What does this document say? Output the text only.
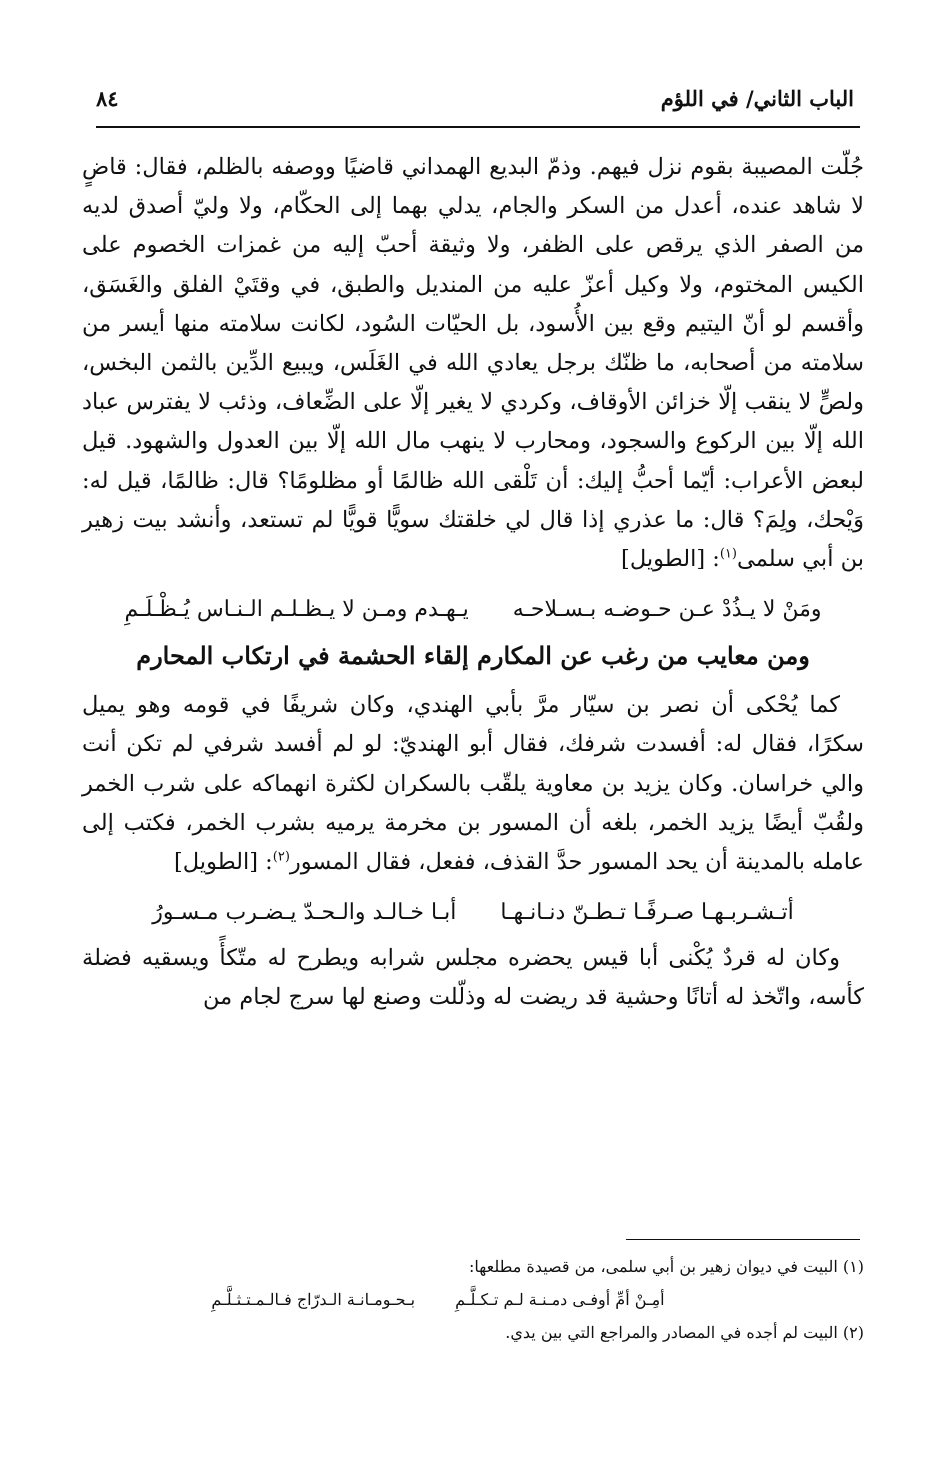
الباب الثاني/ في اللؤم
٨٤

جُلّت المصيبة بقوم نزل فيهم. وذمّ البديع الهمداني قاضيًا ووصفه بالظلم، فقال: قاضٍ لا شاهد عنده، أعدل من السكر والجام، يدلي بهما إلى الحكّام، ولا وليّ أصدق لديه من الصفر الذي يرقص على الظفر، ولا وثيقة أحبّ إليه من غمزات الخصوم على الكيس المختوم، ولا وكيل أعزّ عليه من المنديل والطبق، في وقتَيْ الفلق والغَسَق، وأقسم لو أنّ اليتيم وقع بين الأُسود، بل الحيّات السُود، لكانت سلامته منها أيسر من سلامته من أصحابه، ما ظنّك برجل يعادي الله في الغَلَس، ويبيع الدِّين بالثمن البخس، ولصٍّ لا ينقب إلّا خزائن الأوقاف، وكردي لا يغير إلّا على الضِّعاف، وذئب لا يفترس عباد الله إلّا بين الركوع والسجود، ومحارب لا ينهب مال الله إلّا بين العدول والشهود. قيل لبعض الأعراب: أيّما أحبُّ إليك: أن تَلْقى الله ظالمًا أو مظلومًا؟ قال: ظالمًا، قيل له: وَيْحك، ولِمَ؟ قال: ما عذري إذا قال لي خلقتك سويًّا قويًّا لم تستعد، وأنشد بيت زهير بن أبي سلمى$^{(١)}$: [الطويل]

ومَنْ لا يـذُدْ عـن حـوضـه بـسـلاحـه
يـهـدم ومـن لا يـظـلـم الـنـاس يُـظْـلَـمِ
ومن معايب من رغب عن المكارم إلقاء الحشمة في ارتكاب المحارم

كما يُحْكى أن نصر بن سيّار مرَّ بأبي الهندي، وكان شريفًا في قومه وهو يميل سكرًا، فقال له: أفسدت شرفك، فقال أبو الهنديّ: لو لم أفسد شرفي لم تكن أنت والي خراسان. وكان يزيد بن معاوية يلقّب بالسكران لكثرة انهماكه على شرب الخمر ولقُبّ أيضًا يزيد الخمر، بلغه أن المسور بن مخرمة يرميه بشرب الخمر، فكتب إلى عامله بالمدينة أن يحد المسور حدَّ القذف، ففعل، فقال المسور$^{(٢)}$: [الطويل]

أتـشـربـهـا صـرفًـا تـطـنّ دنـانـهـا
أبـا خـالـد والـحـدّ يـضـرب مـسـورُ

وكان له قردٌ يُكْنى أبا قيس يحضره مجلس شرابه ويطرح له متّكأً ويسقيه فضلة كأسه، واتّخذ له أتانًا وحشية قد ريضت له وذلّلت وصنع لها سرج لجام من

(١) البيت في ديوان زهير بن أبي سلمى، من قصيدة مطلعها:

أمِـنْ أمِّ أوفـى دمـنـة لـم تـكـلَّـمِ
بـحـومـانـة الـدرّاج فـالـمـتـثـلَّـمِ

(٢) البيت لم أجده في المصادر والمراجع التي بين يدي.
